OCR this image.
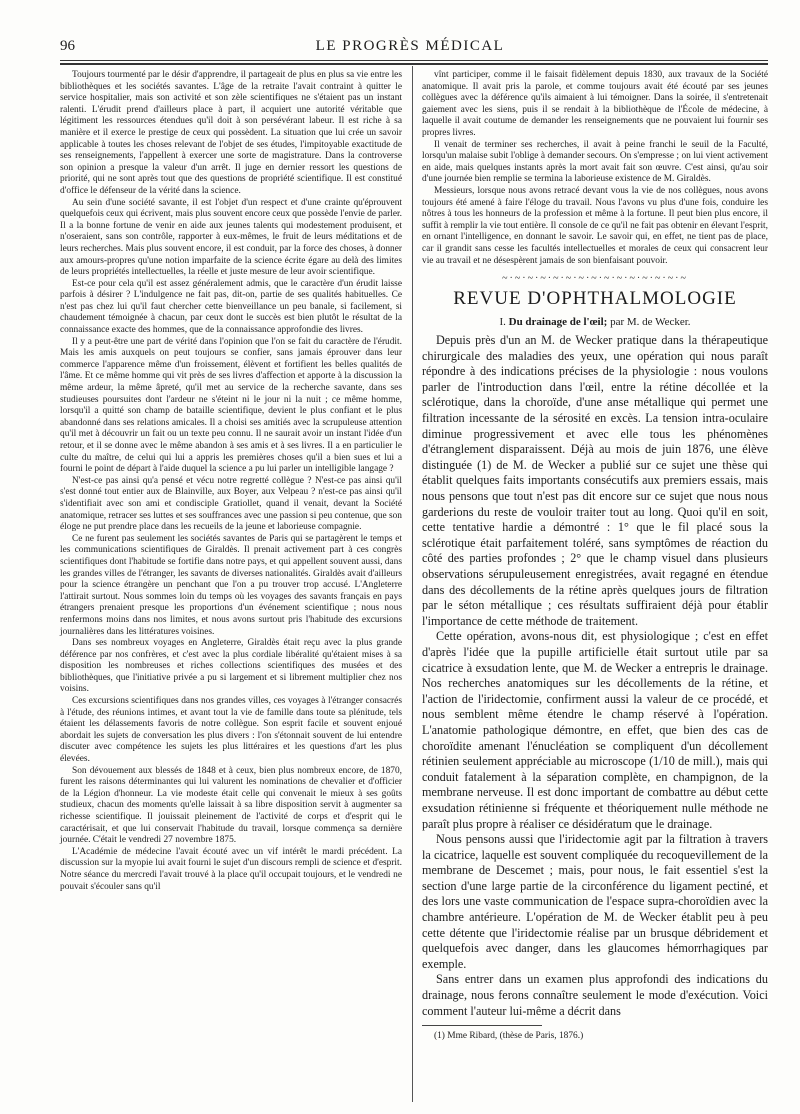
96	LE PROGRÈS MÉDICAL

Toujours tourmenté par le désir d'apprendre, il partageait de plus en plus sa vie entre les bibliothèques et les sociétés savantes. L'âge de la retraite l'avait contraint à quitter le service hospitalier, mais son activité et son zèle scientifiques ne s'étaient pas un instant ralenti. L'érudit prend d'ailleurs place à part, il acquiert une autorité véritable que légitiment les ressources étendues qu'il doit à son persévérant labeur. Il est riche à sa manière et il exerce le prestige de ceux qui possèdent. La situation que lui crée un savoir applicable à toutes les choses relevant de l'objet de ses études, l'impitoyable exactitude de ses renseignements, l'appellent à exercer une sorte de magistrature. Dans la controverse son opinion a presque la valeur d'un arrêt. Il juge en dernier ressort les questions de priorité, qui ne sont après tout que des questions de propriété scientifique. Il est constitué d'office le défenseur de la vérité dans la science.

Au sein d'une société savante, il est l'objet d'un respect et d'une crainte qu'éprouvent quelquefois ceux qui écrivent, mais plus souvent encore ceux que possède l'envie de parler. Il a la bonne fortune de venir en aide aux jeunes talents qui modestement produisent, et n'oseraient, sans son contrôle, rapporter à eux-mêmes, le fruit de leurs méditations et de leurs recherches. Mais plus souvent encore, il est conduit, par la force des choses, à donner aux amours-propres qu'une notion imparfaite de la science écrite égare au delà des limites de leurs propriétés intellectuelles, la réelle et juste mesure de leur avoir scientifique.

Est-ce pour cela qu'il est assez généralement admis, que le caractère d'un érudit laisse parfois à désirer ? L'indulgence ne fait pas, dit-on, partie de ses qualités habituelles. Ce n'est pas chez lui qu'il faut chercher cette bienveillance un peu banale, si facilement, si chaudement témoignée à chacun, par ceux dont le succès est bien plutôt le résultat de la connaissance exacte des hommes, que de la connaissance approfondie des livres.

Il y a peut-être une part de vérité dans l'opinion que l'on se fait du caractère de l'érudit. Mais les amis auxquels on peut toujours se confier, sans jamais éprouver dans leur commerce l'apparence même d'un froissement, élèvent et fortifient les belles qualités de l'âme. Et ce même homme qui vit près de ses livres d'affection et apporte à la discussion la même ardeur, la même âpreté, qu'il met au service de la recherche savante, dans ses studieuses poursuites dont l'ardeur ne s'éteint ni le jour ni la nuit ; ce même homme, lorsqu'il a quitté son champ de bataille scientifique, devient le plus confiant et le plus abandonné dans ses relations amicales. Il a choisi ses amitiés avec la scrupuleuse attention qu'il met à découvrir un fait ou un texte peu connu. Il ne saurait avoir un instant l'idée d'un retour, et il se donne avec le même abandon à ses amis et à ses livres. Il a en particulier le culte du maître, de celui qui lui a appris les premières choses qu'il a bien sues et lui a fourni le point de départ à l'aide duquel la science a pu lui parler un intelligible langage ?

N'est-ce pas ainsi qu'a pensé et vécu notre regretté collègue ? N'est-ce pas ainsi qu'il s'est donné tout entier aux de Blainville, aux Boyer, aux Velpeau ? n'est-ce pas ainsi qu'il s'identifiait avec son ami et condisciple Gratiollet, quand il venait, devant la Société anatomique, retracer ses luttes et ses souffrances avec une passion si peu contenue, que son éloge ne put prendre place dans les recueils de la jeune et laborieuse compagnie.

Ce ne furent pas seulement les sociétés savantes de Paris qui se partagèrent le temps et les communications scientifiques de Giraldès. Il prenait activement part à ces congrès scientifiques dont l'habitude se fortifie dans notre pays, et qui appellent souvent aussi, dans les grandes villes de l'étranger, les savants de diverses nationalités. Giraldès avait d'ailleurs pour la science étrangère un penchant que l'on a pu trouver trop accusé. L'Angleterre l'attirait surtout. Nous sommes loin du temps où les voyages des savants français en pays étrangers prenaient presque les proportions d'un événement scientifique ; nous nous renfermons moins dans nos limites, et nous avons surtout pris l'habitude des excursions journalières dans les littératures voisines.

Dans ses nombreux voyages en Angleterre, Giraldès était reçu avec la plus grande déférence par nos confrères, et c'est avec la plus cordiale libéralité qu'étaient mises à sa disposition les nombreuses et riches collections scientifiques des musées et des bibliothèques, que l'initiative privée a pu si largement et si librement multiplier chez nos voisins.

Ces excursions scientifiques dans nos grandes villes, ces voyages à l'étranger consacrés à l'étude, des réunions intimes, et avant tout la vie de famille dans toute sa plénitude, tels étaient les délassements favoris de notre collègue. Son esprit facile et souvent enjoué abordait les sujets de conversation les plus divers : l'on s'étonnait souvent de lui entendre discuter avec compétence les sujets les plus littéraires et les questions d'art les plus élevées.

Son dévouement aux blessés de 1848 et à ceux, bien plus nombreux encore, de 1870, furent les raisons déterminantes qui lui valurent les nominations de chevalier et d'officier de la Légion d'honneur. La vie modeste était celle qui convenait le mieux à ses goûts studieux, chacun des moments qu'elle laissait à sa libre disposition servit à augmenter sa richesse scientifique. Il jouissait pleinement de l'activité de corps et d'esprit qui le caractérisait, et que lui conservait l'habitude du travail, lorsque commença sa dernière journée. C'était le vendredi 27 novembre 1875.

L'Académie de médecine l'avait écouté avec un vif intérêt le mardi précédent. La discussion sur la myopie lui avait fourni le sujet d'un discours rempli de science et d'esprit. Notre séance du mercredi l'avait trouvé à la place qu'il occupait toujours, et le vendredi ne pouvait s'écouler sans qu'il

vînt participer, comme il le faisait fidèlement depuis 1830, aux travaux de la Société anatomique. Il avait pris la parole, et comme toujours avait été écouté par ses jeunes collègues avec la déférence qu'ils aimaient à lui témoigner. Dans la soirée, il s'entretenait gaiement avec les siens, puis il se rendait à la bibliothèque de l'École de médecine, à laquelle il avait coutume de demander les renseignements que ne pouvaient lui fournir ses propres livres.

Il venait de terminer ses recherches, il avait à peine franchi le seuil de la Faculté, lorsqu'un malaise subit l'oblige à demander secours. On s'empresse ; on lui vient activement en aide, mais quelques instants après la mort avait fait son œuvre. C'est ainsi, qu'au soir d'une journée bien remplie se termina la laborieuse existence de M. Giraldès.

Messieurs, lorsque nous avons retracé devant vous la vie de nos collègues, nous avons toujours été amené à faire l'éloge du travail. Nous l'avons vu plus d'une fois, conduire les nôtres à tous les honneurs de la profession et même à la fortune. Il peut bien plus encore, il suffit à remplir la vie tout entière. Il console de ce qu'il ne fait pas obtenir en élevant l'esprit, en ornant l'intelligence, en donnant le savoir. Le savoir qui, en effet, ne tient pas de place, car il grandit sans cesse les facultés intellectuelles et morales de ceux qui consacrent leur vie au travail et ne désespèrent jamais de son bienfaisant pouvoir.

~·~·~·~·~·~·~·~·~·~·~·~·~·~·~
REVUE D'OPHTHALMOLOGIE
I. Du drainage de l'œil; par M. de Wecker.

Depuis près d'un an M. de Wecker pratique dans la thérapeutique chirurgicale des maladies des yeux, une opération qui nous paraît répondre à des indications précises de la physiologie : nous voulons parler de l'introduction dans l'œil, entre la rétine décollée et la sclérotique, dans la choroïde, d'une anse métallique qui permet une filtration incessante de la sérosité en excès. La tension intra-oculaire diminue progressivement et avec elle tous les phénomènes d'étranglement disparaissent. Déjà au mois de juin 1876, une élève distinguée (1) de M. de Wecker a publié sur ce sujet une thèse qui établit quelques faits importants consécutifs aux premiers essais, mais nous pensons que tout n'est pas dit encore sur ce sujet que nous nous garderions du reste de vouloir traiter tout au long. Quoi qu'il en soit, cette tentative hardie a démontré : 1° que le fil placé sous la sclérotique était parfaitement toléré, sans symptômes de réaction du côté des parties profondes ; 2° que le champ visuel dans plusieurs observations sérupuleusement enregistrées, avait regagné en étendue dans des décollements de la rétine après quelques jours de filtration par le séton métallique ; ces résultats suffiraient déjà pour établir l'importance de cette méthode de traitement.

Cette opération, avons-nous dit, est physiologique ; c'est en effet d'après l'idée que la pupille artificielle était surtout utile par sa cicatrice à exsudation lente, que M. de Wecker a entrepris le drainage. Nos recherches anatomiques sur les décollements de la rétine, et l'action de l'iridectomie, confirment aussi la valeur de ce procédé, et nous semblent même étendre le champ réservé à l'opération. L'anatomie pathologique démontre, en effet, que bien des cas de choroïdite amenant l'énucléation se compliquent d'un décollement rétinien seulement appréciable au microscope (1/10 de mill.), mais qui conduit fatalement à la séparation complète, en champignon, de la membrane nerveuse. Il est donc important de combattre au début cette exsudation rétinienne si fréquente et théoriquement nulle méthode ne paraît plus propre à réaliser ce désidératum que le drainage.

Nous pensons aussi que l'iridectomie agit par la filtration à travers la cicatrice, laquelle est souvent compliquée du recoquevillement de la membrane de Descemet ; mais, pour nous, le fait essentiel s'est la section d'une large partie de la circonférence du ligament pectiné, et des lors une vaste communication de l'espace supra-choroïdien avec la chambre antérieure. L'opération de M. de Wecker établit peu à peu cette détente que l'iridectomie réalise par un brusque débridement et quelquefois avec danger, dans les glaucomes hémorrhagiques par exemple.

Sans entrer dans un examen plus approfondi des indications du drainage, nous ferons connaître seulement le mode d'exécution. Voici comment l'auteur lui-même a décrit dans

(1) Mme Ribard, (thèse de Paris, 1876.)
